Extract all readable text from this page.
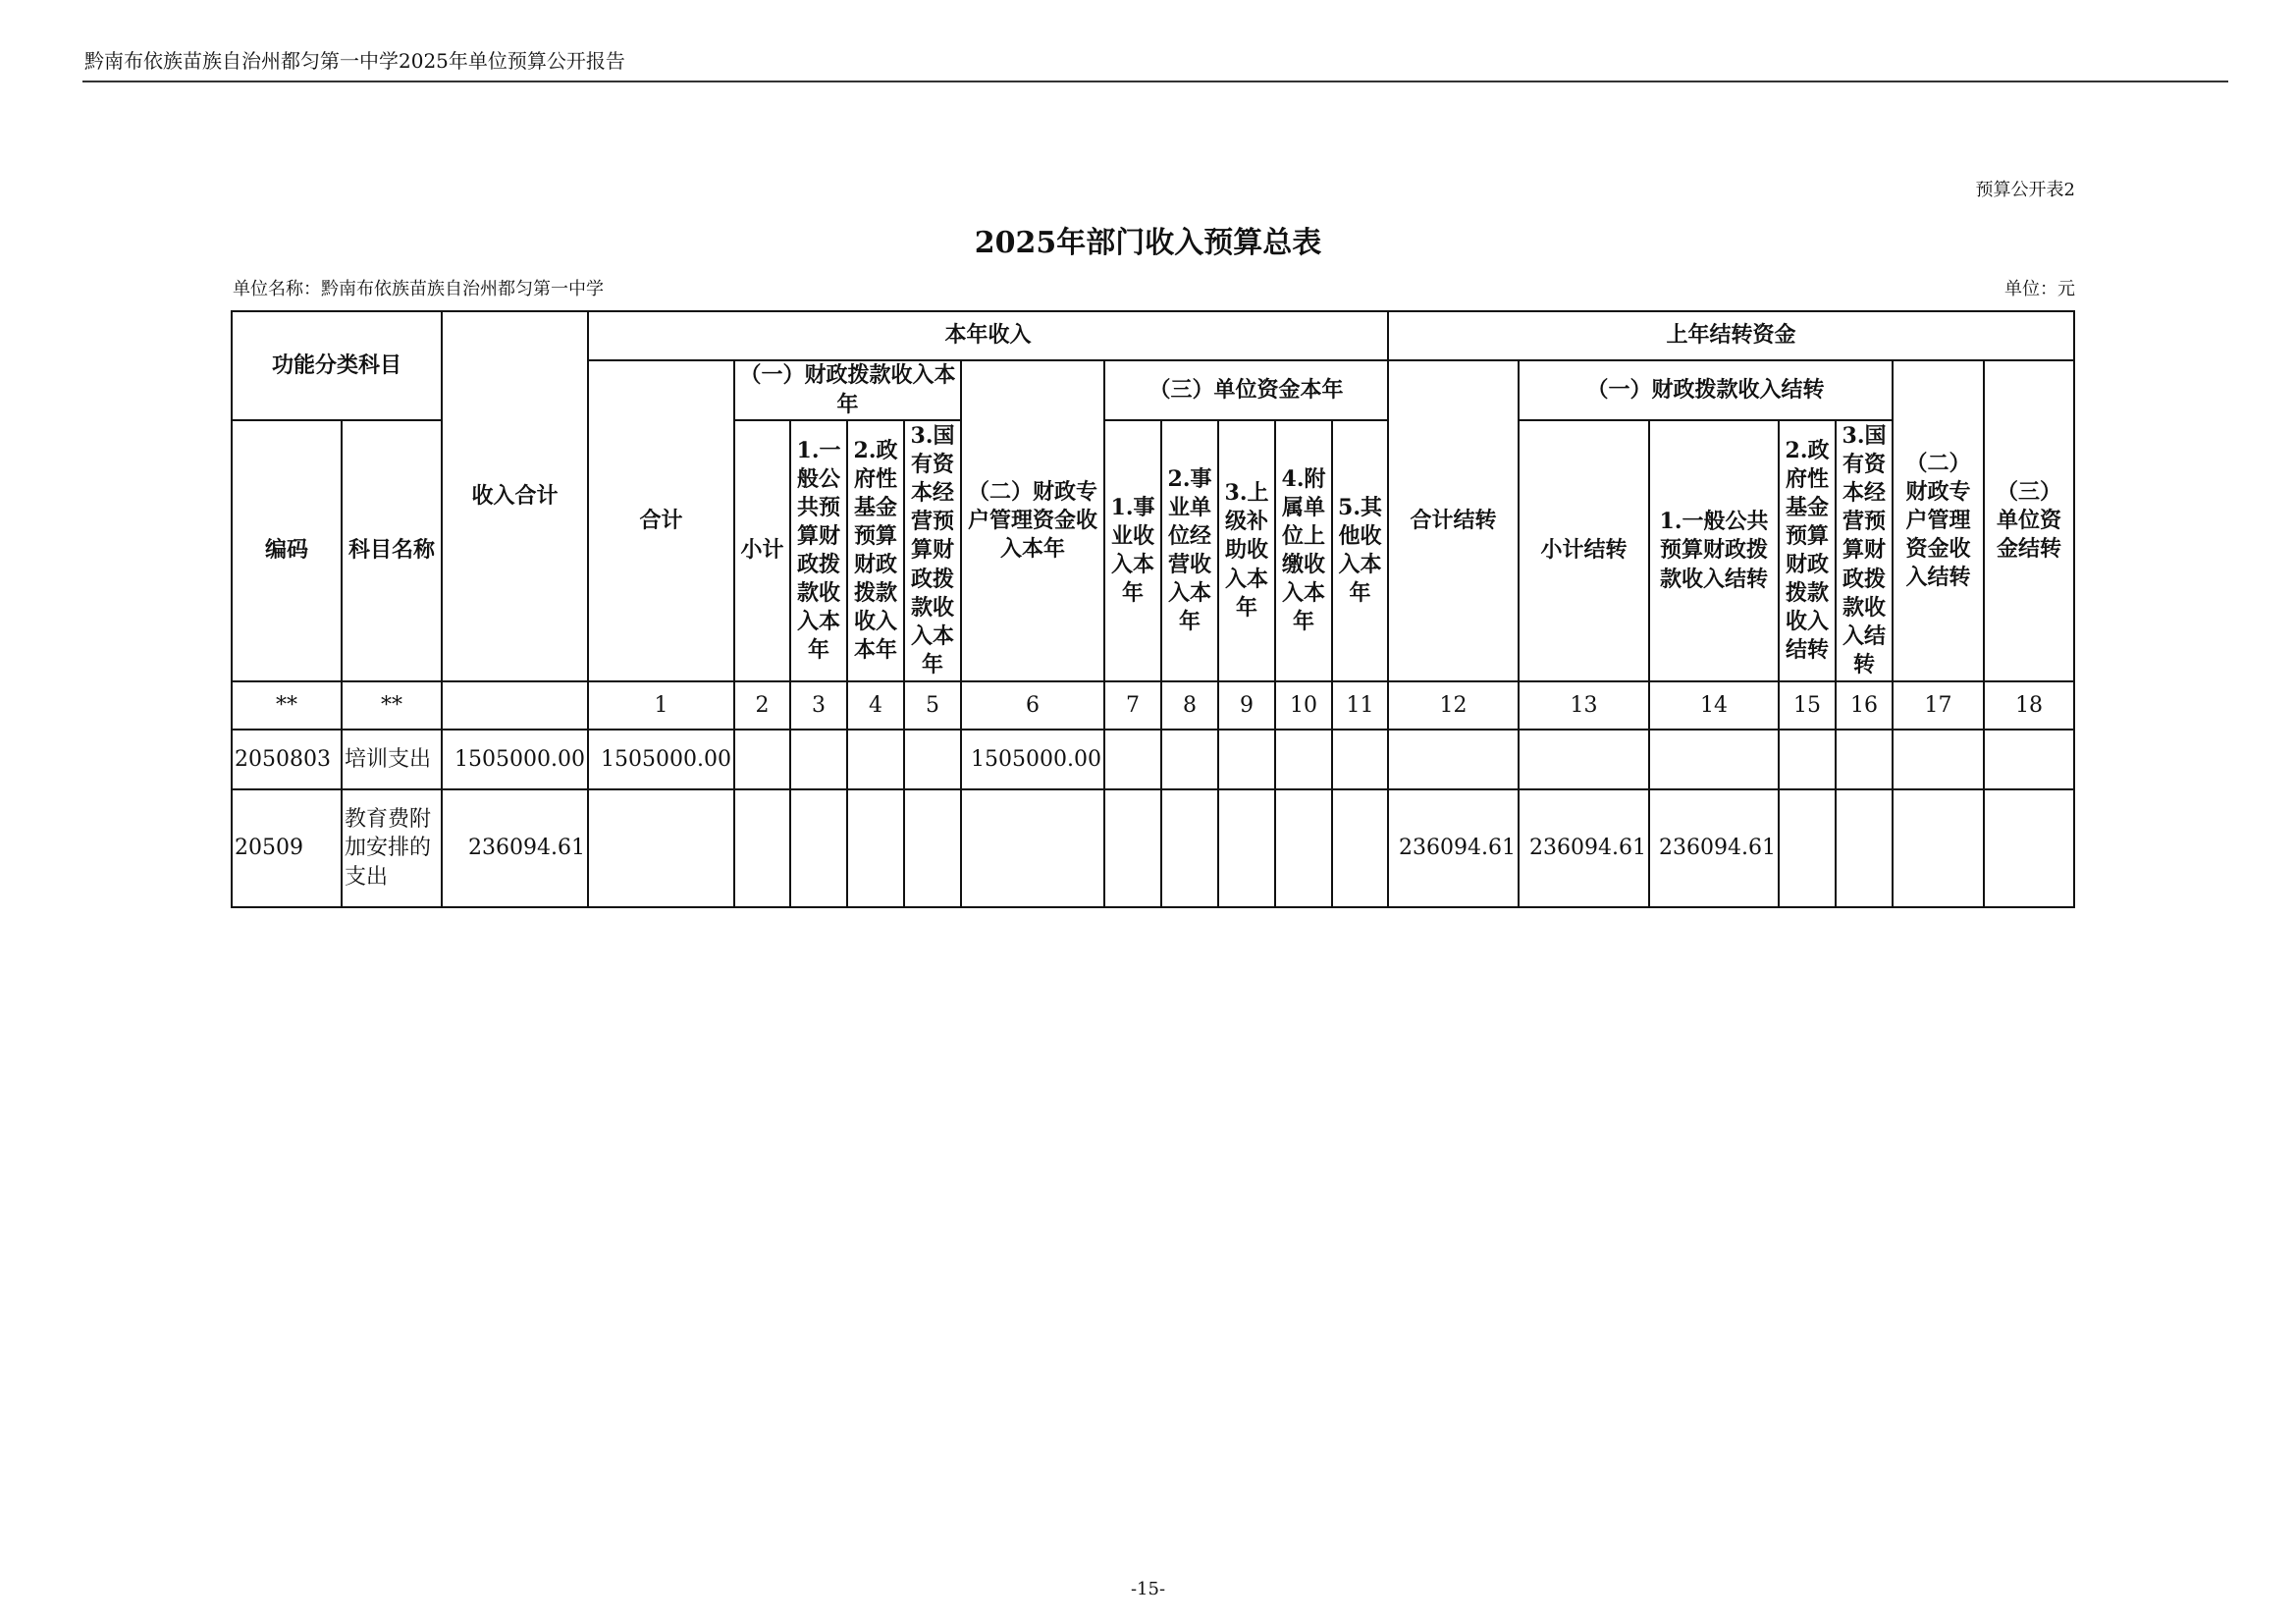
黔南布依族苗族自治州都匀第一中学2025年单位预算公开报告
预算公开表2
2025年部门收入预算总表
单位名称：黔南布依族苗族自治州都匀第一中学	单位：元
功能分类科目		收入合计	本年收入											上年结转资金						
			合计	（一）财政拨款收入本年				（二）财政专户管理资金收入本年	（三）单位资金本年					合计结转	（一）财政拨款收入结转				（二）财政专户管理资金收入结转	（三）单位资金结转
编码	科目名称			小计	1.一般公共预算财政拨款收入本年	2.政府性基金预算财政拨款收入本年	3.国有资本经营预算财政拨款收入本年		1.事业收入本年	2.事业单位经营收入本年	3.上级补助收入本年	4.附属单位上缴收入本年	5.其他收入本年		小计结转	1.一般公共预算财政拨款收入结转	2.政府性基金预算财政拨款收入结转	3.国有资本经营预算财政拨款收入结转		
**	**		1	2	3	4	5	6	7	8	9	10	11	12	13	14	15	16	17	18
2050803	培训支出	1505000.00	1505000.00					1505000.00												
20509	教育费附加安排的支出	236094.61												236094.61	236094.61	236094.61				
-15-
